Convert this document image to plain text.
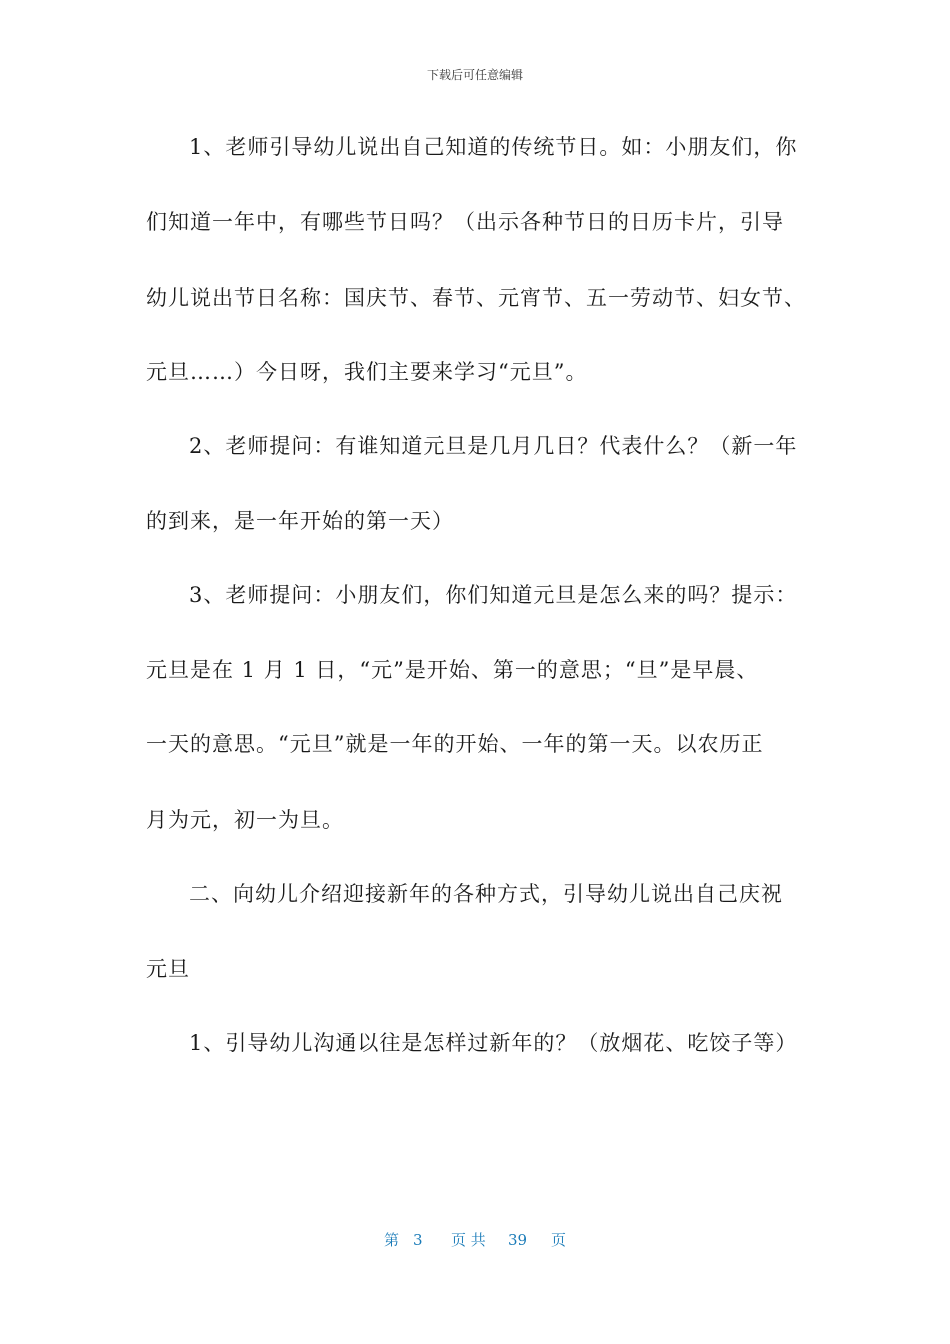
下载后可任意编辑
1、老师引导幼儿说出自己知道的传统节日。如：小朋友们，你
们知道一年中，有哪些节日吗？（出示各种节日的日历卡片，引导
幼儿说出节日名称：国庆节、春节、元宵节、五一劳动节、妇女节、
元旦……）今日呀，我们主要来学习“元旦”。
2、老师提问：有谁知道元旦是几月几日？代表什么？（新一年
的到来，是一年开始的第一天）
3、老师提问：小朋友们，你们知道元旦是怎么来的吗？提示：
元旦是在 1 月 1 日，“元”是开始、第一的意思；“旦”是早晨、
一天的意思。“元旦”就是一年的开始、一年的第一天。以农历正
月为元，初一为旦。
二、向幼儿介绍迎接新年的各种方式，引导幼儿说出自己庆祝
元旦
1、引导幼儿沟通以往是怎样过新年的？（放烟花、吃饺子等）
第 3 页 共 39 页
